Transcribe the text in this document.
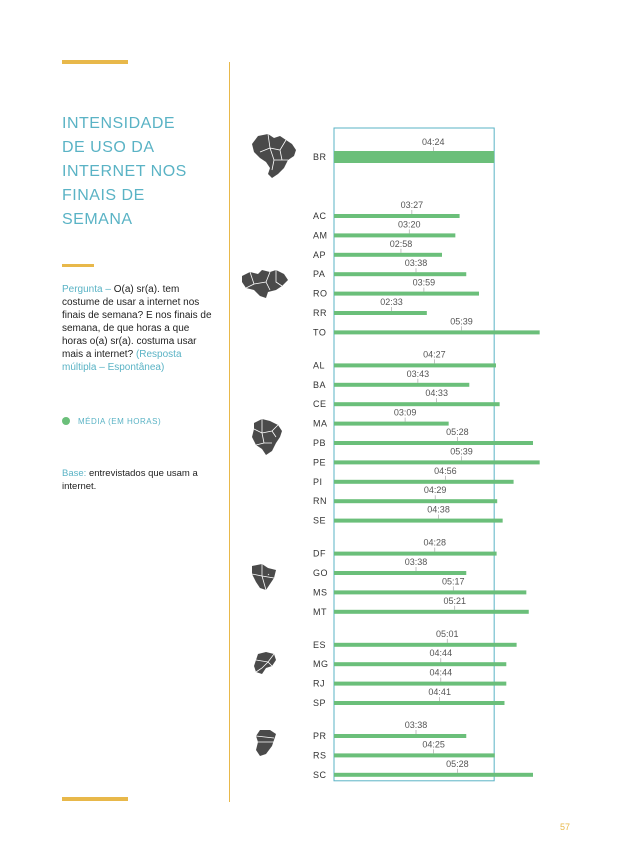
INTENSIDADE
DE USO DA
INTERNET NOS
FINAIS DE
SEMANA
Pergunta – O(a) sr(a). tem costume de usar a internet nos finais de semana? E nos finais de semana, de que horas a que horas o(a) sr(a). costuma usar mais a internet? (Resposta múltipla – Espontânea)
MÉDIA (EM HORAS)
Base: entrevistados que usam a internet.
BR
04:24
AC
03:27
AM
03:20
AP
02:58
PA
03:38
RO
03:59
RR
02:33
TO
05:39
AL
04:27
BA
03:43
CE
04:33
MA
03:09
PB
05:28
PE
05:39
PI
04:56
RN
04:29
SE
04:38
DF
04:28
GO
03:38
MS
05:17
MT
05:21
ES
05:01
MG
04:44
RJ
04:44
SP
04:41
PR
03:38
RS
04:25
SC
05:28
57
